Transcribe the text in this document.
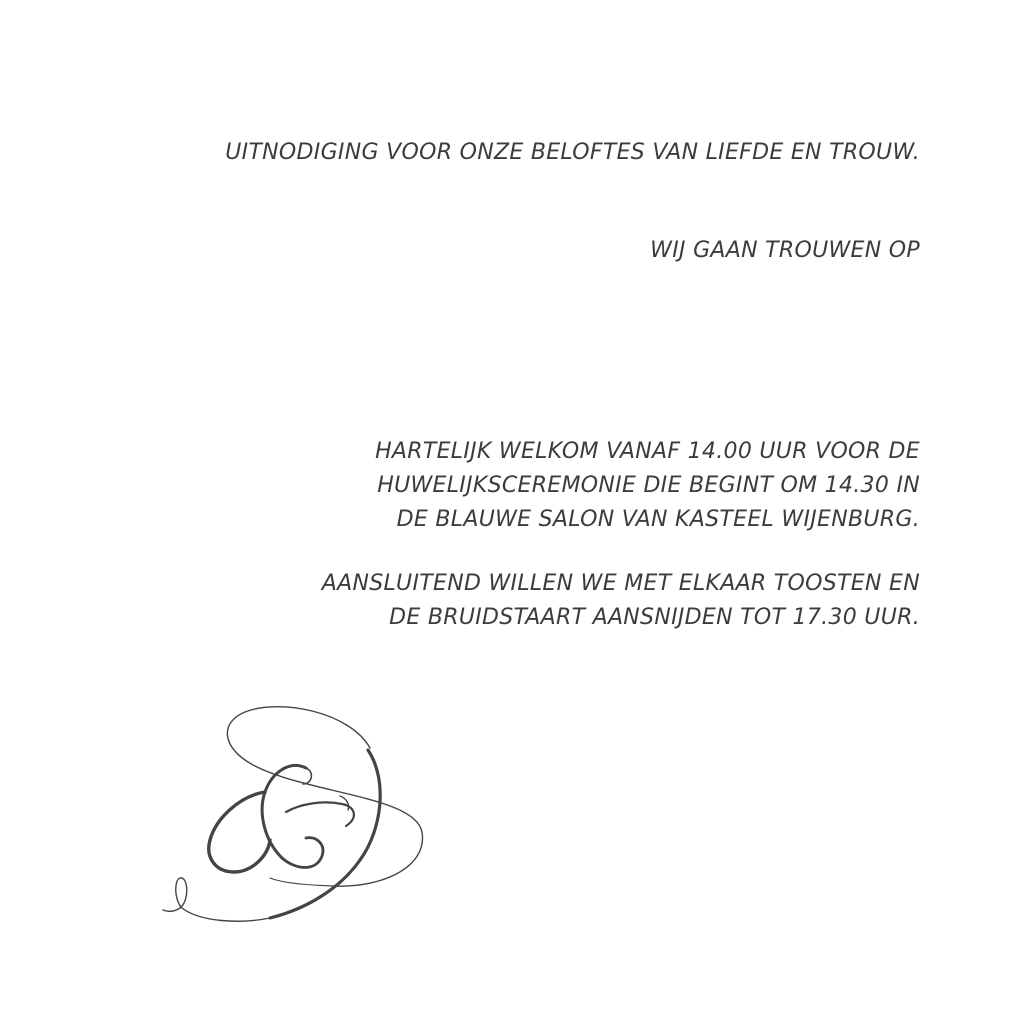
UITNODIGING VOOR ONZE BELOFTES VAN LIEFDE EN TROUW.
WIJ GAAN TROUWEN OP

HARTELIJK WELKOM VANAF 14.00 UUR VOOR DE

HUWELIJKSCEREMONIE DIE BEGINT OM 14.30 IN

DE BLAUWE SALON VAN KASTEEL WIJENBURG.

AANSLUITEND WILLEN WE MET ELKAAR TOOSTEN EN

DE BRUIDSTAART AANSNIJDEN TOT 17.30 UUR.
